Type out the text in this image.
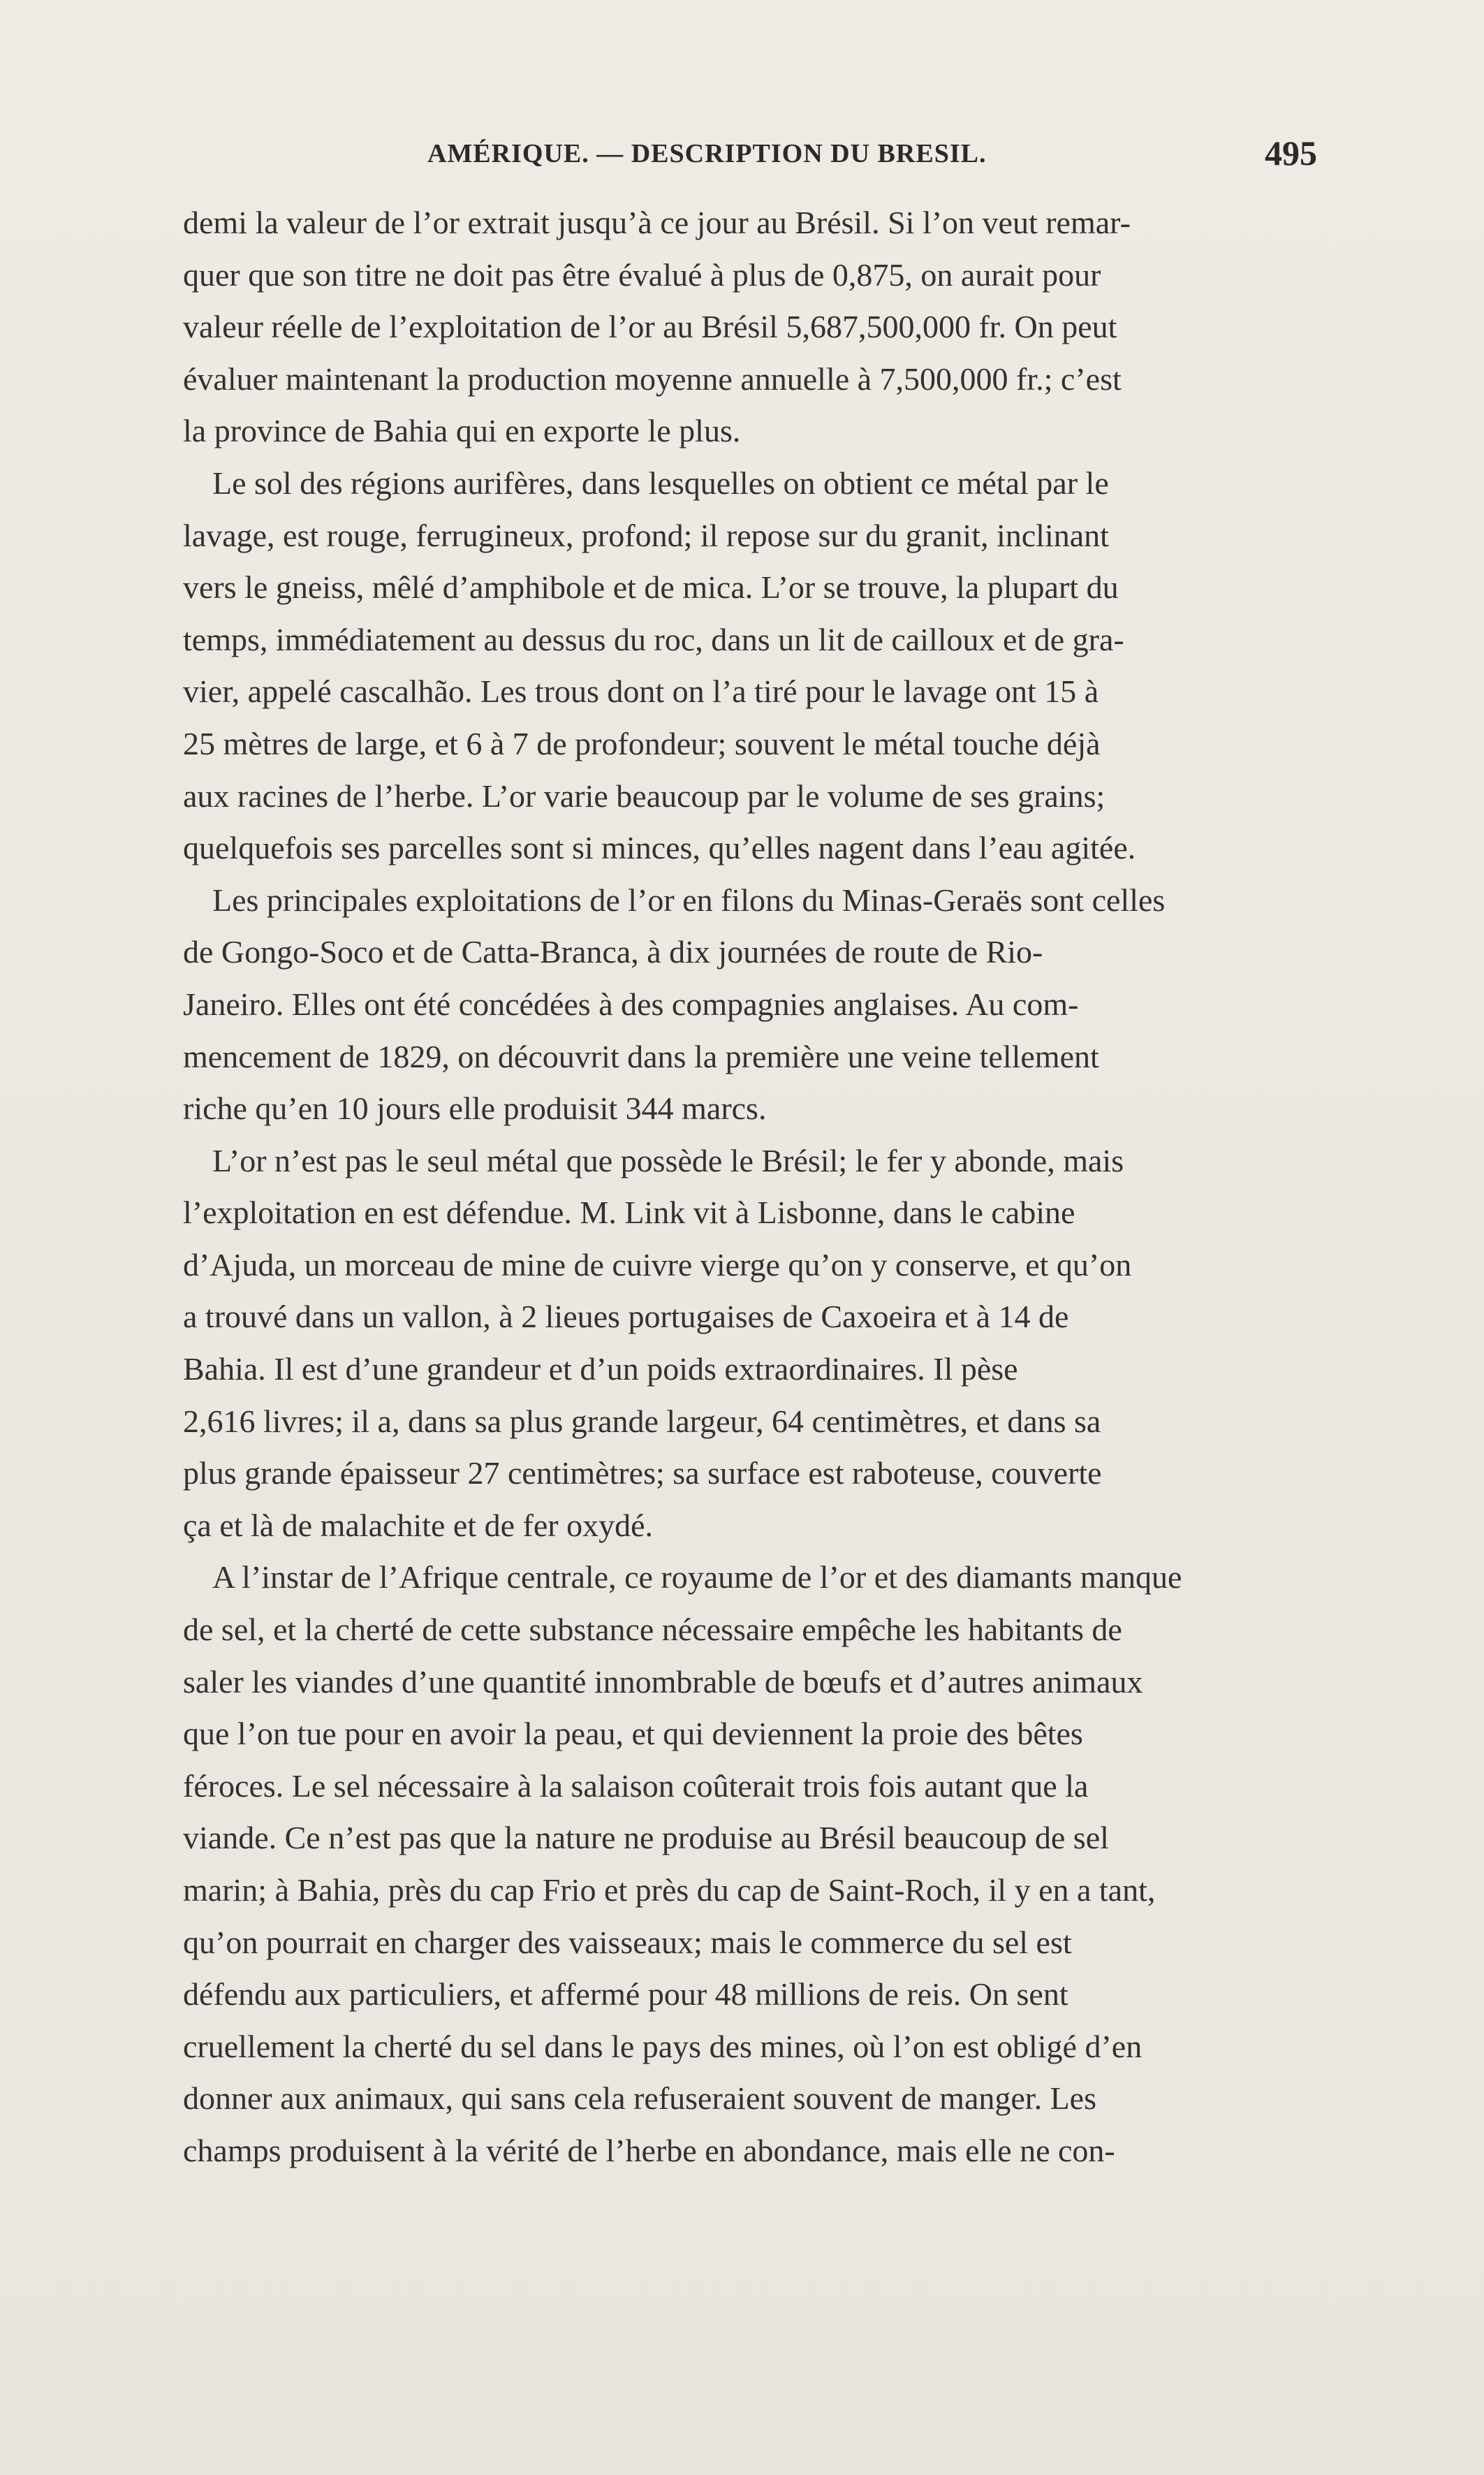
AMÉRIQUE. — DESCRIPTION DU BRESIL.	495

demi la valeur de l’or extrait jusqu’à ce jour au Brésil. Si l’on veut remar-
quer que son titre ne doit pas être évalué à plus de 0,875, on aurait pour
valeur réelle de l’exploitation de l’or au Brésil 5,687,500,000 fr. On peut
évaluer maintenant la production moyenne annuelle à 7,500,000 fr.; c’est
la province de Bahia qui en exporte le plus.

Le sol des régions aurifères, dans lesquelles on obtient ce métal par le
lavage, est rouge, ferrugineux, profond; il repose sur du granit, inclinant
vers le gneiss, mêlé d’amphibole et de mica. L’or se trouve, la plupart du
temps, immédiatement au dessus du roc, dans un lit de cailloux et de gra-
vier, appelé cascalhão. Les trous dont on l’a tiré pour le lavage ont 15 à
25 mètres de large, et 6 à 7 de profondeur; souvent le métal touche déjà
aux racines de l’herbe. L’or varie beaucoup par le volume de ses grains;
quelquefois ses parcelles sont si minces, qu’elles nagent dans l’eau agitée.

Les principales exploitations de l’or en filons du Minas-Geraës sont celles
de Gongo-Soco et de Catta-Branca, à dix journées de route de Rio-
Janeiro. Elles ont été concédées à des compagnies anglaises. Au com-
mencement de 1829, on découvrit dans la première une veine tellement
riche qu’en 10 jours elle produisit 344 marcs.

L’or n’est pas le seul métal que possède le Brésil; le fer y abonde, mais
l’exploitation en est défendue. M. Link vit à Lisbonne, dans le cabine
d’Ajuda, un morceau de mine de cuivre vierge qu’on y conserve, et qu’on
a trouvé dans un vallon, à 2 lieues portugaises de Caxoeira et à 14 de
Bahia. Il est d’une grandeur et d’un poids extraordinaires. Il pèse
2,616 livres; il a, dans sa plus grande largeur, 64 centimètres, et dans sa
plus grande épaisseur 27 centimètres; sa surface est raboteuse, couverte
ça et là de malachite et de fer oxydé.

A l’instar de l’Afrique centrale, ce royaume de l’or et des diamants manque
de sel, et la cherté de cette substance nécessaire empêche les habitants de
saler les viandes d’une quantité innombrable de bœufs et d’autres animaux
que l’on tue pour en avoir la peau, et qui deviennent la proie des bêtes
féroces. Le sel nécessaire à la salaison coûterait trois fois autant que la
viande. Ce n’est pas que la nature ne produise au Brésil beaucoup de sel
marin; à Bahia, près du cap Frio et près du cap de Saint-Roch, il y en a tant,
qu’on pourrait en charger des vaisseaux; mais le commerce du sel est
défendu aux particuliers, et affermé pour 48 millions de reis. On sent
cruellement la cherté du sel dans le pays des mines, où l’on est obligé d’en
donner aux animaux, qui sans cela refuseraient souvent de manger. Les
champs produisent à la vérité de l’herbe en abondance, mais elle ne con-
